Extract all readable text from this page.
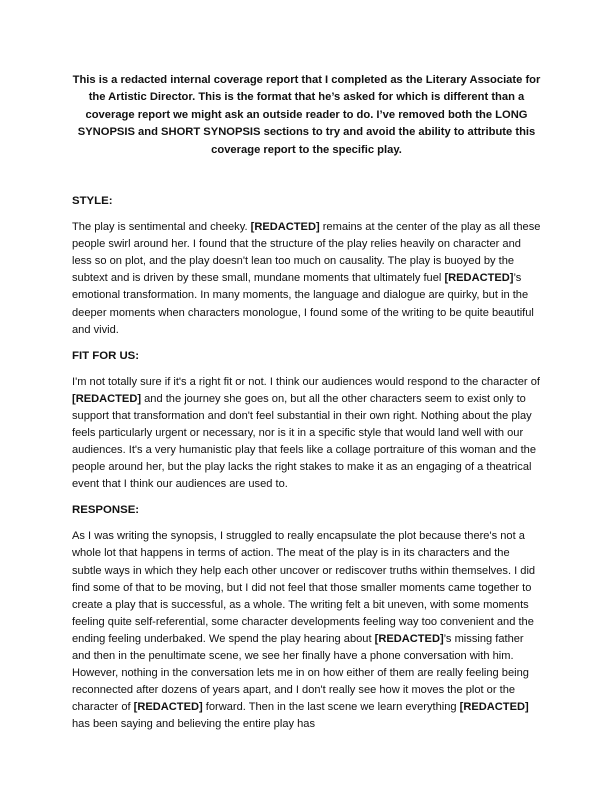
This is a redacted internal coverage report that I completed as the Literary Associate for the Artistic Director. This is the format that he’s asked for which is different than a coverage report we might ask an outside reader to do. I’ve removed both the LONG SYNOPSIS and SHORT SYNOPSIS sections to try and avoid the ability to attribute this coverage report to the specific play.

STYLE:

The play is sentimental and cheeky. [REDACTED] remains at the center of the play as all these people swirl around her. I found that the structure of the play relies heavily on character and less so on plot, and the play doesn't lean too much on causality. The play is buoyed by the subtext and is driven by these small, mundane moments that ultimately fuel [REDACTED]’s emotional transformation. In many moments, the language and dialogue are quirky, but in the deeper moments when characters monologue, I found some of the writing to be quite beautiful and vivid.

FIT FOR US:

I'm not totally sure if it's a right fit or not. I think our audiences would respond to the character of [REDACTED] and the journey she goes on, but all the other characters seem to exist only to support that transformation and don't feel substantial in their own right. Nothing about the play feels particularly urgent or necessary, nor is it in a specific style that would land well with our audiences. It's a very humanistic play that feels like a collage portraiture of this woman and the people around her, but the play lacks the right stakes to make it as an engaging of a theatrical event that I think our audiences are used to.

RESPONSE:

As I was writing the synopsis, I struggled to really encapsulate the plot because there's not a whole lot that happens in terms of action. The meat of the play is in its characters and the subtle ways in which they help each other uncover or rediscover truths within themselves. I did find some of that to be moving, but I did not feel that those smaller moments came together to create a play that is successful, as a whole. The writing felt a bit uneven, with some moments feeling quite self-referential, some character developments feeling way too convenient and the ending feeling underbaked. We spend the play hearing about [REDACTED]’s missing father and then in the penultimate scene, we see her finally have a phone conversation with him. However, nothing in the conversation lets me in on how either of them are really feeling being reconnected after dozens of years apart, and I don't really see how it moves the plot or the character of [REDACTED] forward. Then in the last scene we learn everything [REDACTED] has been saying and believing the entire play has
